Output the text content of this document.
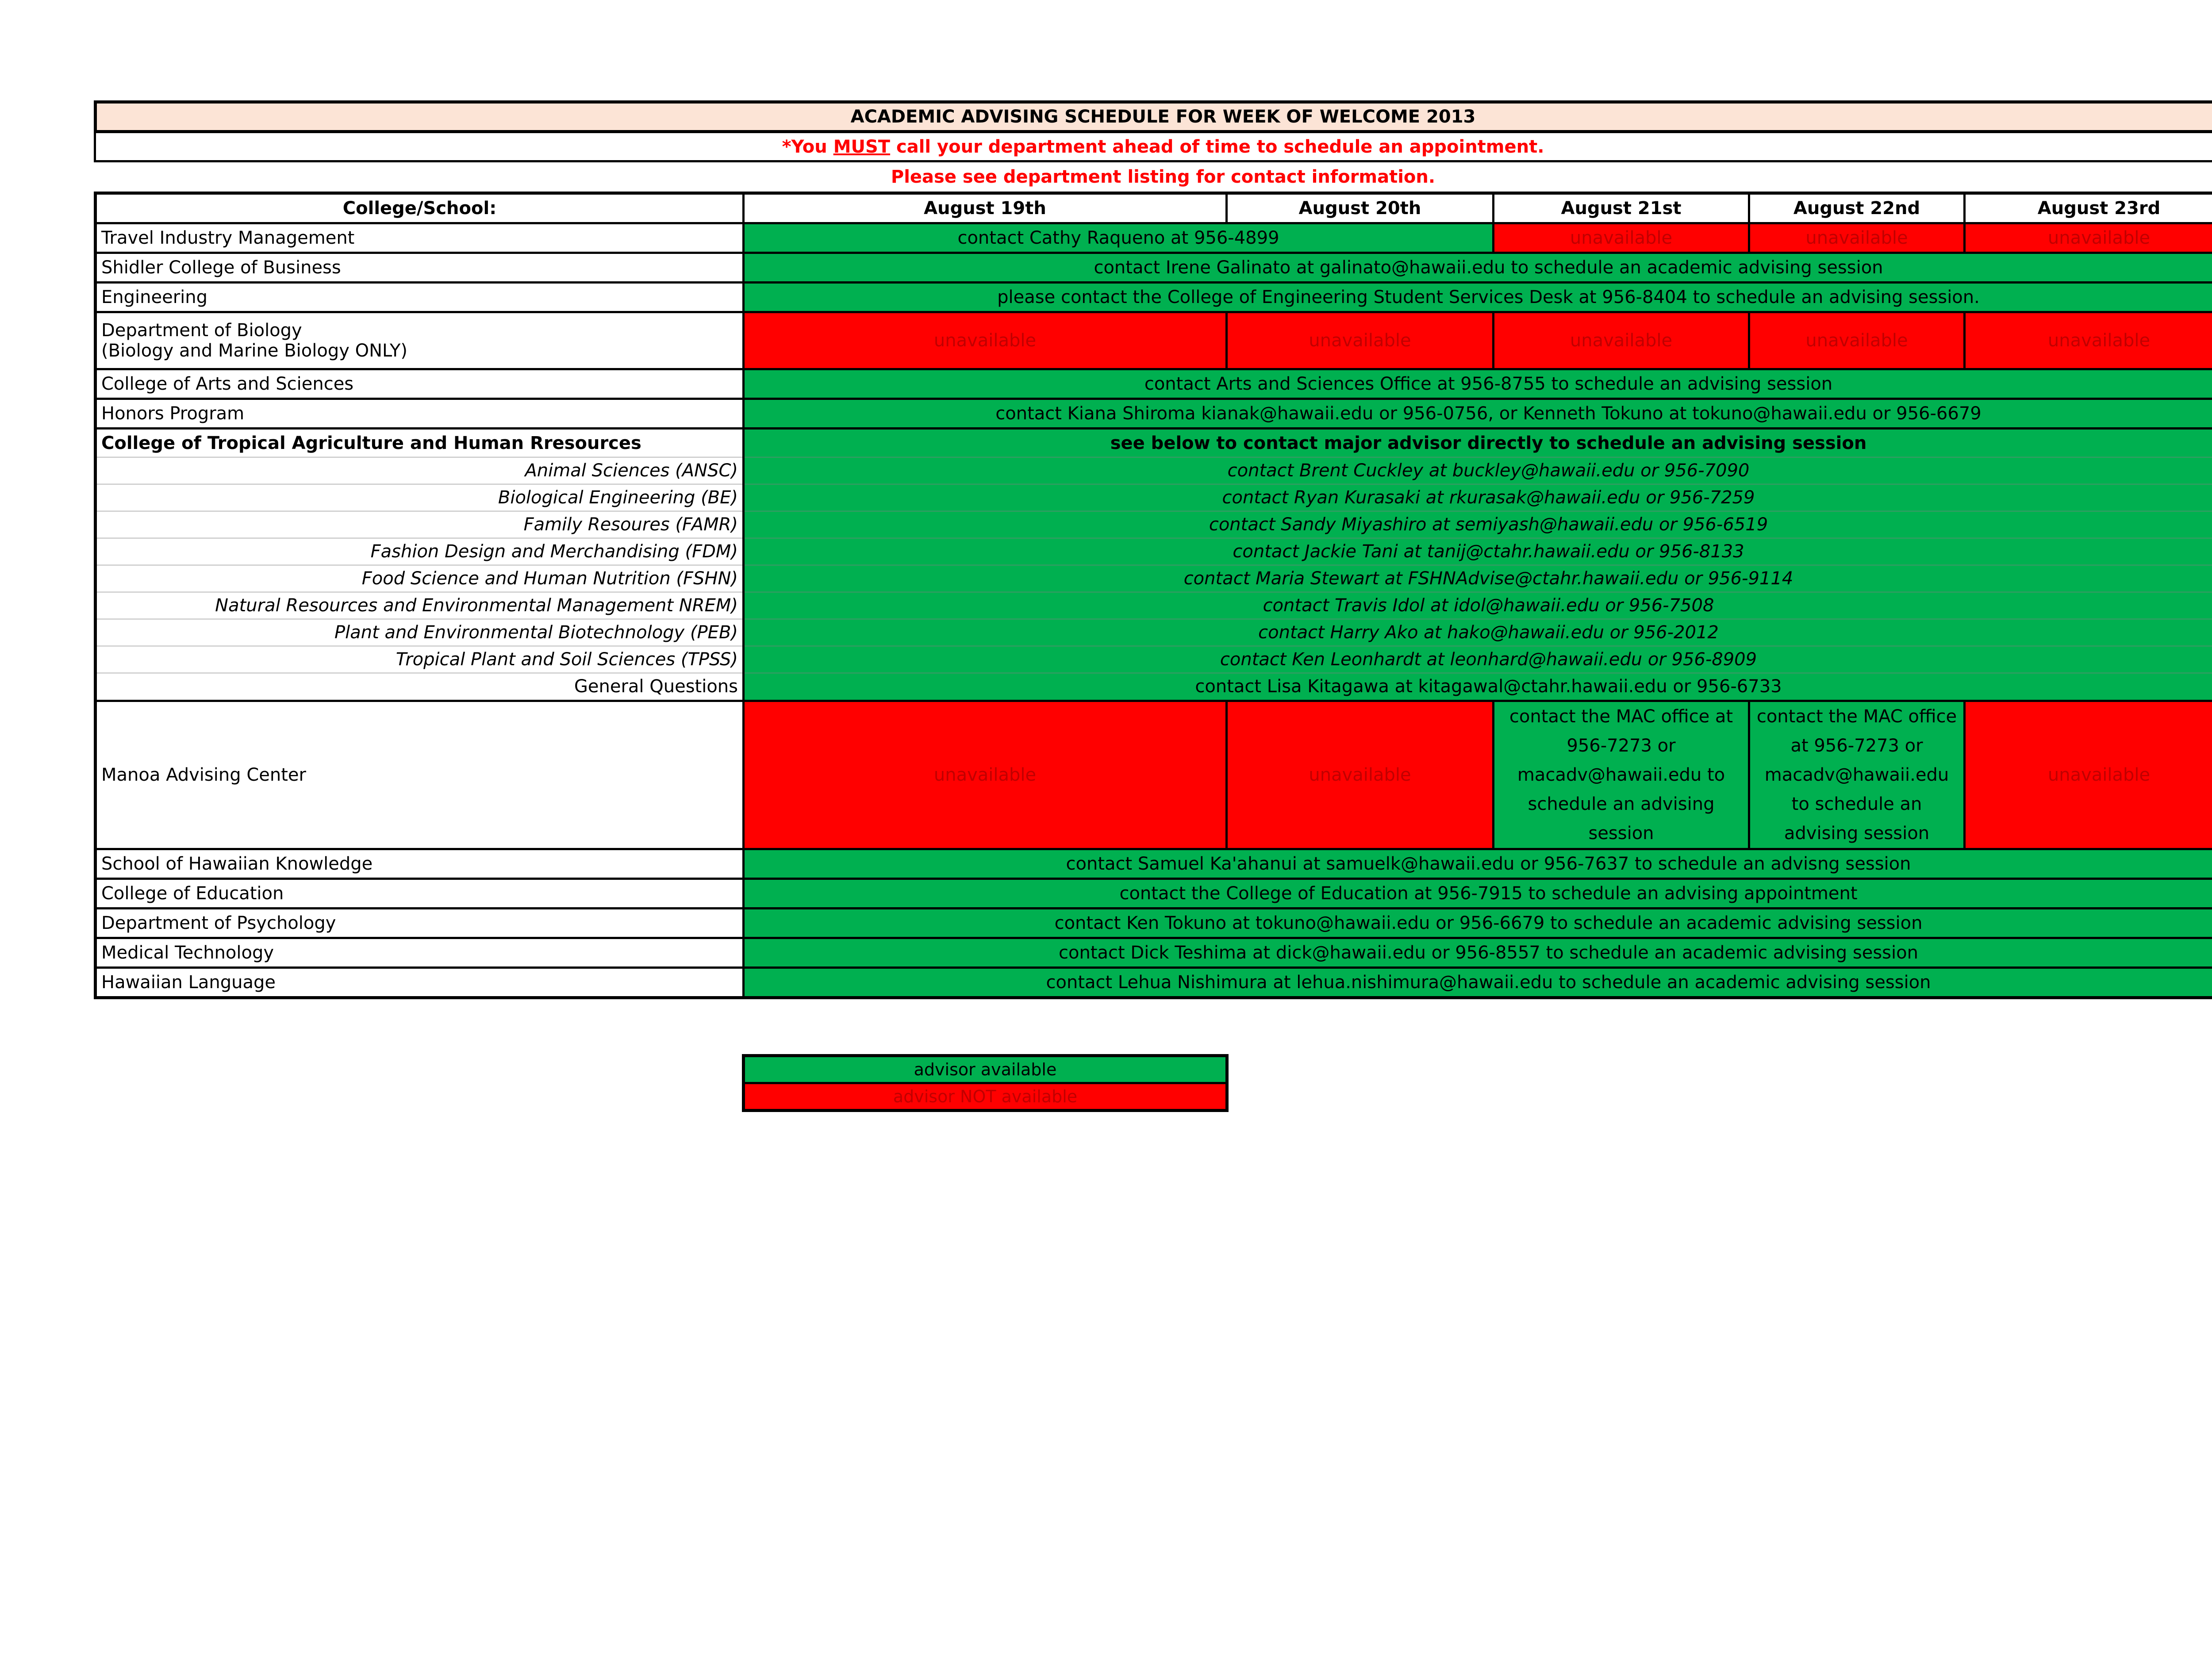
ACADEMIC ADVISING SCHEDULE FOR WEEK OF WELCOME 2013
*You MUST call your department ahead of time to schedule an appointment.
Please see department listing for contact information.
College/School:	August 19th	August 20th	August 21st	August 22nd	August 23rd
Travel Industry Management	contact Cathy Raqueno at 956-4899		unavailable	unavailable	unavailable
Shidler College of Business	contact Irene Galinato at galinato@hawaii.edu to schedule an academic advising session				
Engineering	please contact the College of Engineering Student Services Desk at 956-8404 to schedule an advising session.				

Department of Biology
(Biology and Marine Biology ONLY)	unavailable	unavailable	unavailable	unavailable	unavailable
College of Arts and Sciences	contact Arts and Sciences Office at 956-8755 to schedule an advising session				
Honors Program	contact Kiana Shiroma kianak@hawaii.edu or 956-0756, or Kenneth Tokuno at tokuno@hawaii.edu or 956-6679				
College of Tropical Agriculture and Human Rresources	see below to contact major advisor directly to schedule an advising session				
Animal Sciences (ANSC)	contact Brent Cuckley at buckley@hawaii.edu or 956-7090				
Biological Engineering (BE)	contact Ryan Kurasaki at rkurasak@hawaii.edu or 956-7259				
Family Resoures (FAMR)	contact Sandy Miyashiro at semiyash@hawaii.edu or 956-6519				
Fashion Design and Merchandising (FDM)	contact Jackie Tani at tanij@ctahr.hawaii.edu or 956-8133				
Food Science and Human Nutrition (FSHN)	contact Maria Stewart at FSHNAdvise@ctahr.hawaii.edu or 956-9114				
Natural Resources and Environmental Management NREM)	contact Travis Idol at idol@hawaii.edu or 956-7508				
Plant and Environmental Biotechnology (PEB)	contact Harry Ako at hako@hawaii.edu or 956-2012				
Tropical Plant and Soil Sciences (TPSS)	contact Ken Leonhardt at leonhard@hawaii.edu or 956-8909				
General Questions	contact Lisa Kitagawa at kitagawal@ctahr.hawaii.edu or 956-6733				
Manoa Advising Center	unavailable	unavailable	contact the MAC office at 956-7273 or macadv@hawaii.edu to schedule an advising session	contact the MAC office at 956-7273 or macadv@hawaii.edu to schedule an advising session	unavailable
School of Hawaiian Knowledge	contact Samuel Ka'ahanui at samuelk@hawaii.edu or 956-7637 to schedule an advisng session				
College of Education	contact the College of Education at 956-7915 to schedule an advising appointment				
Department of Psychology	contact Ken Tokuno at tokuno@hawaii.edu or 956-6679 to schedule an academic advising session				
Medical Technology	contact Dick Teshima at dick@hawaii.edu or 956-8557 to schedule an academic advising session				
Hawaiian Language	contact Lehua Nishimura at lehua.nishimura@hawaii.edu to schedule an academic advising session				
advisor available
advisor NOT available
